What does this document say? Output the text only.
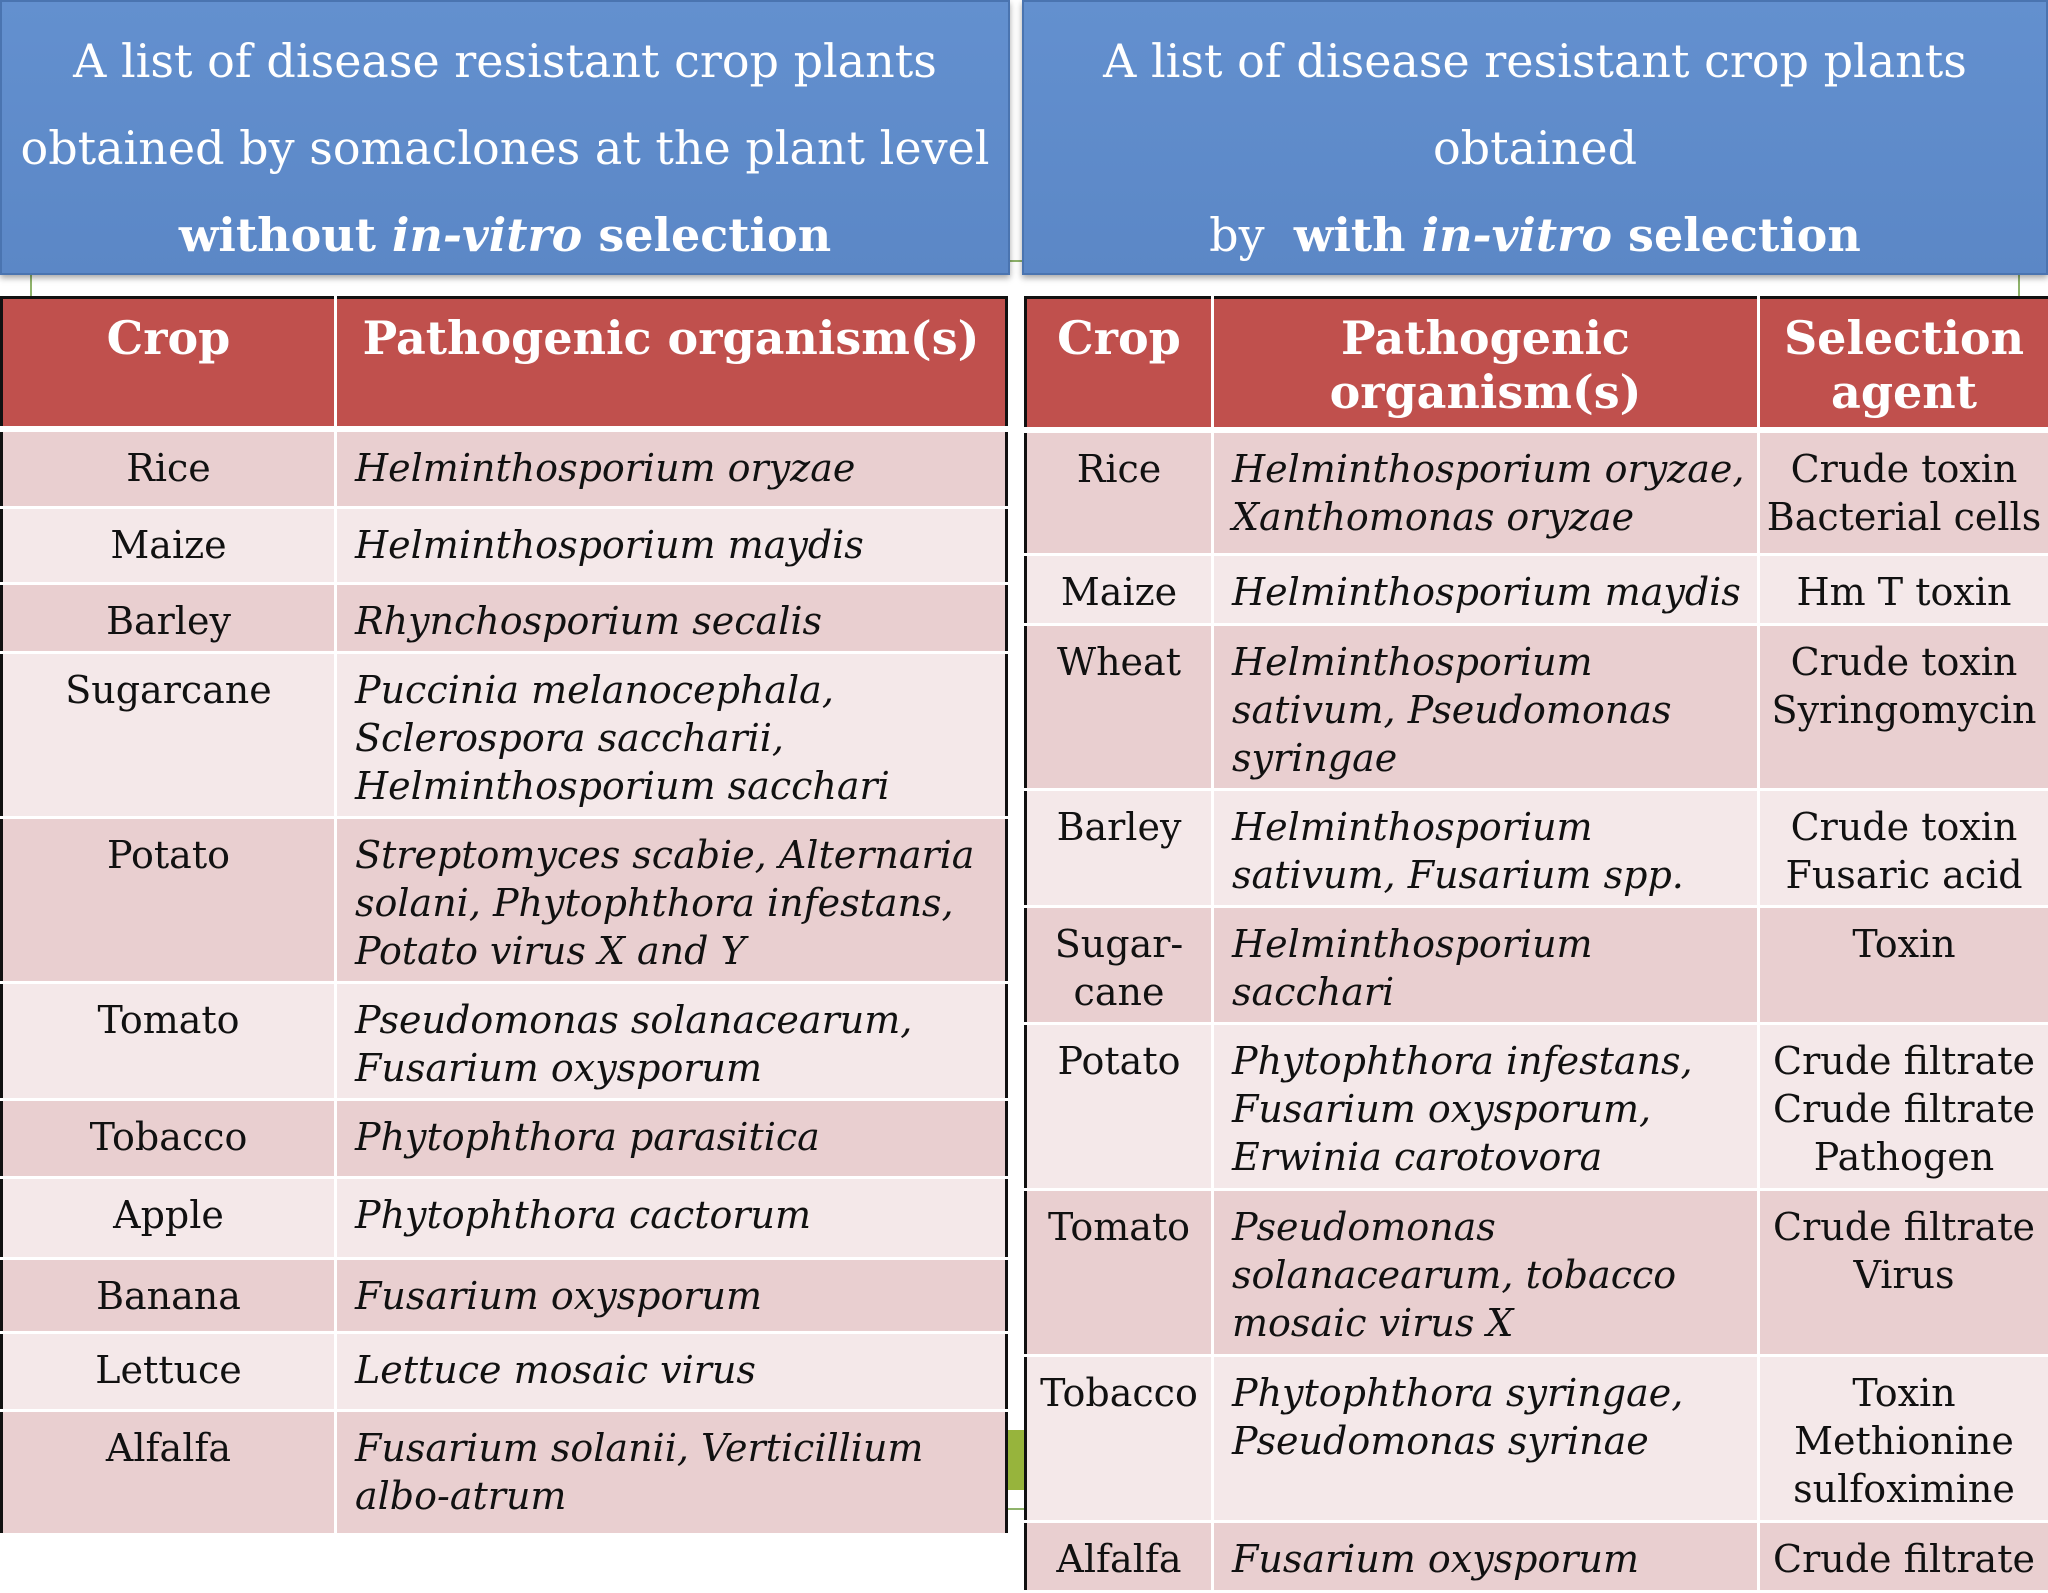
A list of disease resistant crop plants
obtained by somaclones at the plant level
without in-vitro selection
A list of disease resistant crop plants obtained
by  with in-vitro selection
Crop	Pathogenic organism(s)
Rice	Helminthosporium oryzae
Maize	Helminthosporium maydis
Barley	Rhynchosporium secalis
Sugarcane	Puccinia melanocephala, Sclerospora saccharii, Helminthosporium sacchari
Potato	Streptomyces scabie, Alternaria solani, Phytophthora infestans, Potato virus X and Y
Tomato	Pseudomonas solanacearum, Fusarium oxysporum
Tobacco	Phytophthora parasitica
Apple	Phytophthora cactorum
Banana	Fusarium oxysporum
Lettuce	Lettuce mosaic virus
Alfalfa	Fusarium solanii, Verticillium albo-atrum
Crop	Pathogenic organism(s)	Selection agent
Rice	Helminthosporium oryzae, Xanthomonas oryzae	Crude toxin Bacterial cells
Maize	Helminthosporium maydis	Hm T toxin
Wheat	Helminthosporium sativum, Pseudomonas syringae	Crude toxin Syringomycin
Barley	Helminthosporium sativum, Fusarium spp.	Crude toxin Fusaric acid
Sugar-cane	Helminthosporium sacchari	Toxin
Potato	Phytophthora infestans, Fusarium oxysporum, Erwinia carotovora	Crude filtrate Crude filtrate Pathogen
Tomato	Pseudomonas solanacearum, tobacco mosaic virus X	Crude filtrate Virus
Tobacco	Phytophthora syringae, Pseudomonas syrinae	Toxin Methionine sulfoximine
Alfalfa	Fusarium oxysporum	Crude filtrate
